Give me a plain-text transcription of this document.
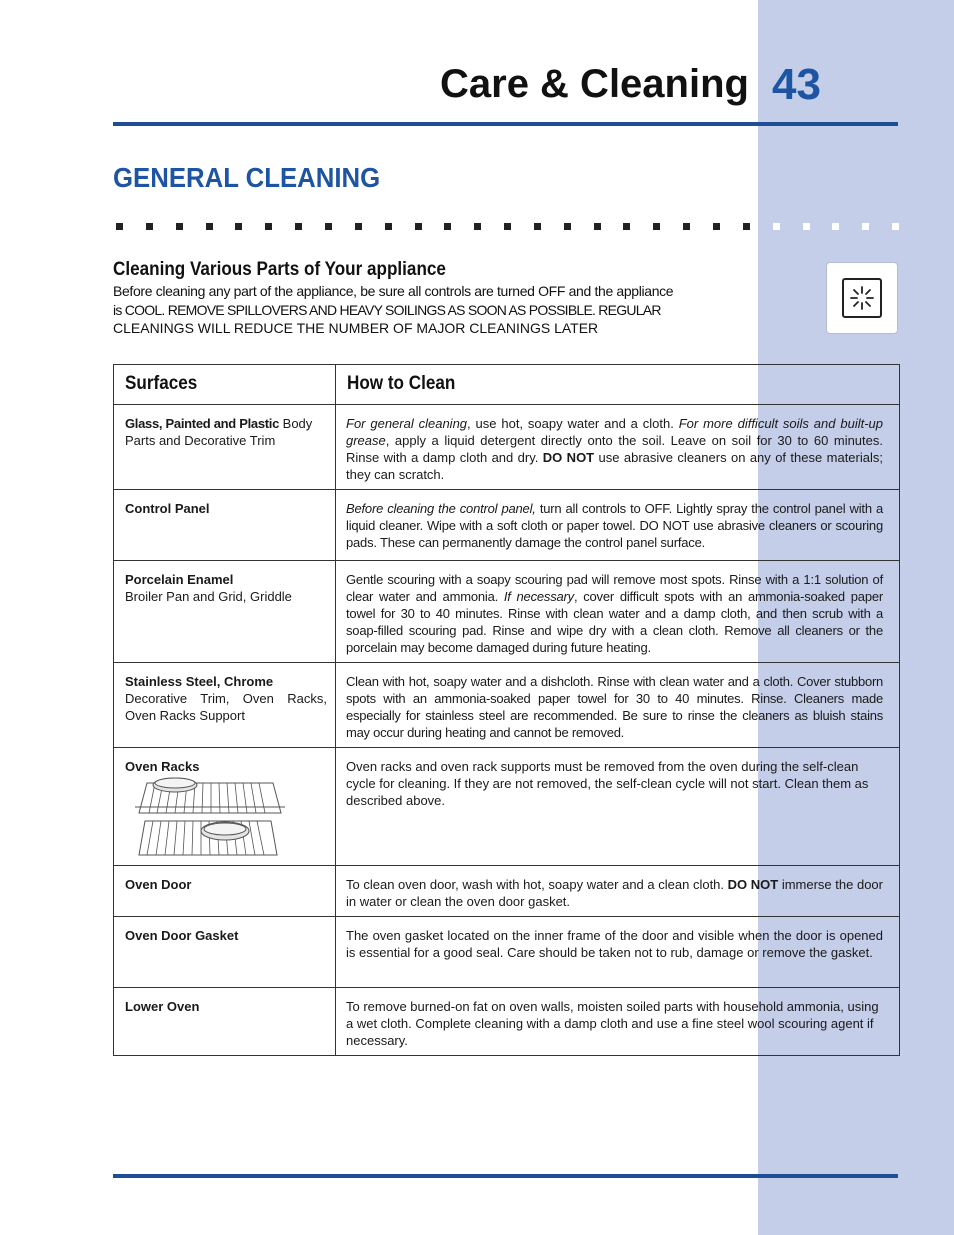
Care & Cleaning 43
GENERAL CLEANING
Cleaning Various Parts of Your appliance
Before cleaning any part of the appliance, be sure all controls are turned OFF and the appliance
is COOL. REMOVE SPILLOVERS AND HEAVY SOILINGS AS SOON AS POSSIBLE. REGULAR
CLEANINGS WILL REDUCE THE NUMBER OF MAJOR CLEANINGS LATER
Surfaces	How to Clean
Glass, Painted and Plastic Body Parts and Decorative Trim	For general cleaning, use hot, soapy water and a cloth. For more difficult soils and built-up grease, apply a liquid detergent directly onto the soil. Leave on soil for 30 to 60 minutes. Rinse with a damp cloth and dry. DO NOT use abrasive cleaners on any of these materials; they can scratch.
Control Panel	Before cleaning the control panel, turn all controls to OFF. Lightly spray the control panel with a liquid cleaner. Wipe with a soft cloth or paper towel. DO NOT use abrasive cleaners or scouring pads. These can permanently damage the control panel surface.
Porcelain Enamel
Broiler Pan and Grid, Griddle	Gentle scouring with a soapy scouring pad will remove most spots. Rinse with a 1:1 solution of clear water and ammonia. If necessary, cover difficult spots with an ammonia-soaked paper towel for 30 to 40 minutes. Rinse with clean water and a damp cloth, and then scrub with a soap-filled scouring pad. Rinse and wipe dry with a clean cloth. Remove all cleaners or the porcelain may become damaged during future heating.
Stainless Steel, Chrome
Decorative Trim, Oven Racks, Oven Racks Support	Clean with hot, soapy water and a dishcloth. Rinse with clean water and a cloth. Cover stubborn spots with an ammonia-soaked paper towel for 30 to 40 minutes. Rinse. Cleaners made especially for stainless steel are recommended. Be sure to rinse the cleaners as bluish stains may occur during heating and cannot be removed.
Oven Racks	Oven racks and oven rack supports must be removed from the oven during the self-clean cycle for cleaning. If they are not removed, the self-clean cycle will not start. Clean them as described above.
Oven Door	To clean oven door, wash with hot, soapy water and a clean cloth. DO NOT immerse the door in water or clean the oven door gasket.
Oven Door Gasket	The oven gasket located on the inner frame of the door and visible when the door is opened is essential for a good seal. Care should be taken not to rub, damage or remove the gasket.
Lower Oven	To remove burned-on fat on oven walls, moisten soiled parts with household ammonia, using a wet cloth. Complete cleaning with a damp cloth and use a fine steel wool scouring agent if necessary.
